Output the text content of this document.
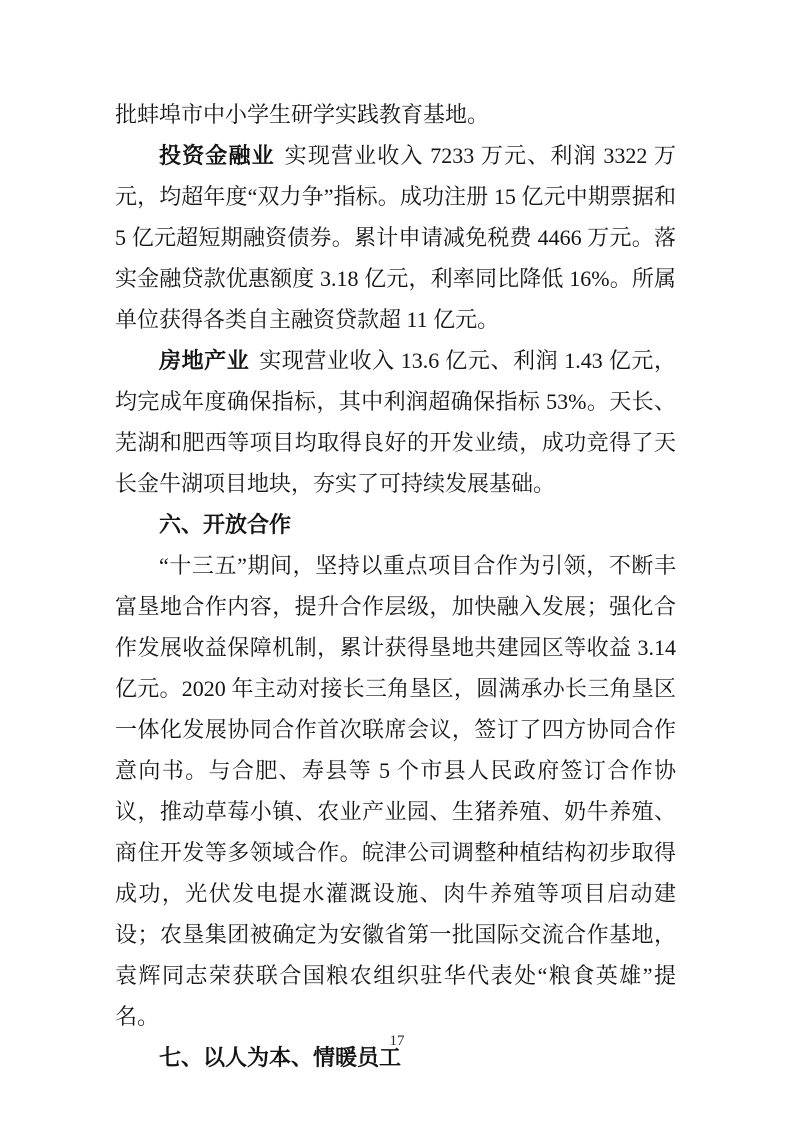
批蚌埠市中小学生研学实践教育基地。

投资金融业 实现营业收入 7233 万元、利润 3322 万元，均超年度“双力争”指标。成功注册 15 亿元中期票据和 5 亿元超短期融资债券。累计申请减免税费 4466 万元。落实金融贷款优惠额度 3.18 亿元，利率同比降低 16%。所属单位获得各类自主融资贷款超 11 亿元。

房地产业 实现营业收入 13.6 亿元、利润 1.43 亿元，均完成年度确保指标，其中利润超确保指标 53%。天长、芜湖和肥西等项目均取得良好的开发业绩，成功竞得了天长金牛湖项目地块，夯实了可持续发展基础。

六、开放合作

“十三五”期间，坚持以重点项目合作为引领，不断丰富垦地合作内容，提升合作层级，加快融入发展；强化合作发展收益保障机制，累计获得垦地共建园区等收益 3.14 亿元。2020 年主动对接长三角垦区，圆满承办长三角垦区一体化发展协同合作首次联席会议，签订了四方协同合作意向书。与合肥、寿县等 5 个市县人民政府签订合作协议，推动草莓小镇、农业产业园、生猪养殖、奶牛养殖、商住开发等多领域合作。皖津公司调整种植结构初步取得成功，光伏发电提水灌溉设施、肉牛养殖等项目启动建设；农垦集团被确定为安徽省第一批国际交流合作基地，袁辉同志荣获联合国粮农组织驻华代表处“粮食英雄”提名。

七、以人为本、情暖员工
17
